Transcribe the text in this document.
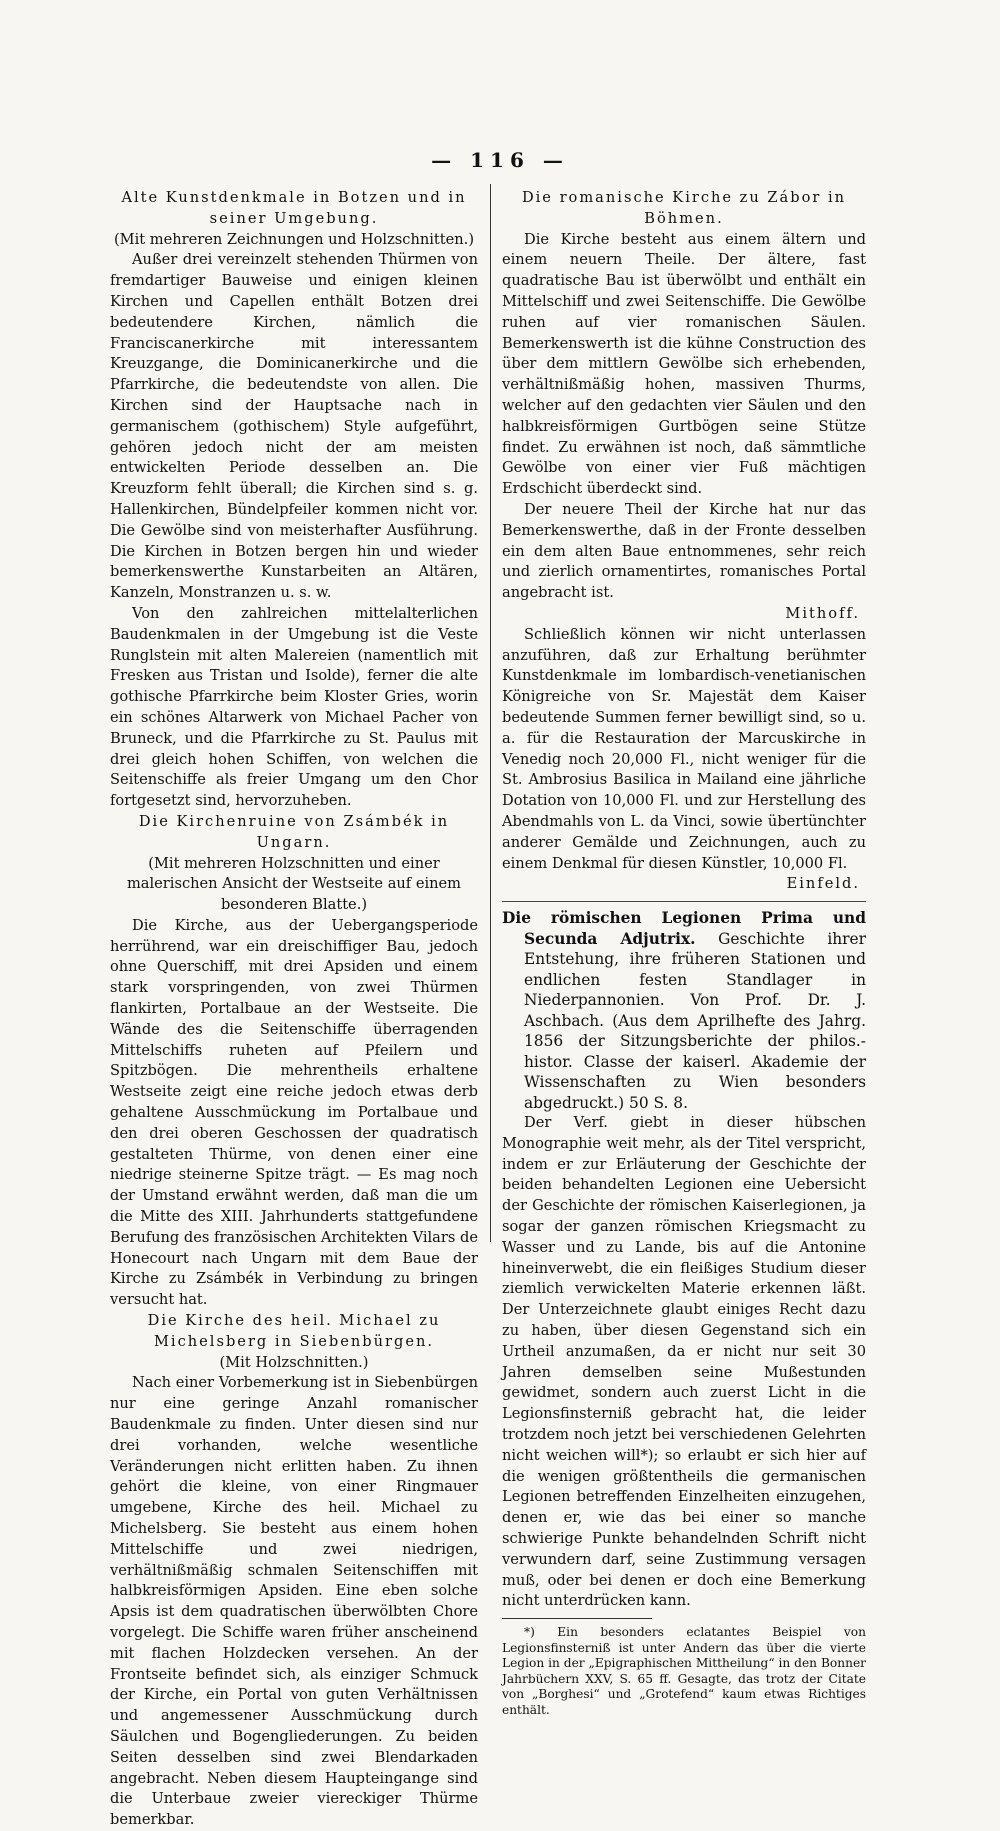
— 116 —

Alte Kunstdenkmale in Botzen und in seiner Umgebung.

(Mit mehreren Zeichnungen und Holzschnitten.)

Außer drei vereinzelt stehenden Thürmen von fremdartiger Bauweise und einigen kleinen Kirchen und Capellen enthält Botzen drei bedeutendere Kirchen, nämlich die Franciscanerkirche mit interessantem Kreuzgange, die Dominicanerkirche und die Pfarrkirche, die bedeutendste von allen. Die Kirchen sind der Hauptsache nach in germanischem (gothischem) Style aufgeführt, gehören jedoch nicht der am meisten entwickelten Periode desselben an. Die Kreuzform fehlt überall; die Kirchen sind s. g. Hallenkirchen, Bündelpfeiler kommen nicht vor. Die Gewölbe sind von meisterhafter Ausführung. Die Kirchen in Botzen bergen hin und wieder bemerkenswerthe Kunstarbeiten an Altären, Kanzeln, Monstranzen u. s. w.

Von den zahlreichen mittelalterlichen Baudenkmalen in der Umgebung ist die Veste Runglstein mit alten Malereien (namentlich mit Fresken aus Tristan und Isolde), ferner die alte gothische Pfarrkirche beim Kloster Gries, worin ein schönes Altarwerk von Michael Pacher von Bruneck, und die Pfarrkirche zu St. Paulus mit drei gleich hohen Schiffen, von welchen die Seitenschiffe als freier Umgang um den Chor fortgesetzt sind, hervorzuheben.

Die Kirchenruine von Zsámbék in Ungarn.

(Mit mehreren Holzschnitten und einer malerischen Ansicht der Westseite auf einem besonderen Blatte.)

Die Kirche, aus der Uebergangsperiode herrührend, war ein dreischiffiger Bau, jedoch ohne Querschiff, mit drei Apsiden und einem stark vorspringenden, von zwei Thürmen flankirten, Portalbaue an der Westseite. Die Wände des die Seitenschiffe überragenden Mittelschiffs ruheten auf Pfeilern und Spitzbögen. Die mehrentheils erhaltene Westseite zeigt eine reiche jedoch etwas derb gehaltene Ausschmückung im Portalbaue und den drei oberen Geschossen der quadratisch gestalteten Thürme, von denen einer eine niedrige steinerne Spitze trägt. — Es mag noch der Umstand erwähnt werden, daß man die um die Mitte des XIII. Jahrhunderts stattgefundene Berufung des französischen Architekten Vilars de Honecourt nach Ungarn mit dem Baue der Kirche zu Zsámbék in Verbindung zu bringen versucht hat.

Die Kirche des heil. Michael zu Michelsberg in Siebenbürgen.

(Mit Holzschnitten.)

Nach einer Vorbemerkung ist in Siebenbürgen nur eine geringe Anzahl romanischer Baudenkmale zu finden. Unter diesen sind nur drei vorhanden, welche wesentliche Veränderungen nicht erlitten haben. Zu ihnen gehört die kleine, von einer Ringmauer umgebene, Kirche des heil. Michael zu Michelsberg. Sie besteht aus einem hohen Mittelschiffe und zwei niedrigen, verhältnißmäßig schmalen Seitenschiffen mit halbkreisförmigen Apsiden. Eine eben solche Apsis ist dem quadratischen überwölbten Chore vorgelegt. Die Schiffe waren früher anscheinend mit flachen Holzdecken versehen. An der Frontseite befindet sich, als einziger Schmuck der Kirche, ein Portal von guten Verhältnissen und angemessener Ausschmückung durch Säulchen und Bogengliederungen. Zu beiden Seiten desselben sind zwei Blendarkaden angebracht. Neben diesem Haupteingange sind die Unterbaue zweier viereckiger Thürme bemerkbar.

Die romanische Kirche zu Zábor in Böhmen.

Die Kirche besteht aus einem ältern und einem neuern Theile. Der ältere, fast quadratische Bau ist überwölbt und enthält ein Mittelschiff und zwei Seitenschiffe. Die Gewölbe ruhen auf vier romanischen Säulen. Bemerkenswerth ist die kühne Construction des über dem mittlern Gewölbe sich erhebenden, verhältnißmäßig hohen, massiven Thurms, welcher auf den gedachten vier Säulen und den halbkreisförmigen Gurtbögen seine Stütze findet. Zu erwähnen ist noch, daß sämmtliche Gewölbe von einer vier Fuß mächtigen Erdschicht überdeckt sind.

Der neuere Theil der Kirche hat nur das Bemerkenswerthe, daß in der Fronte desselben ein dem alten Baue entnommenes, sehr reich und zierlich ornamentirtes, romanisches Portal angebracht ist.

Mithoff.

Schließlich können wir nicht unterlassen anzuführen, daß zur Erhaltung berühmter Kunstdenkmale im lombardisch-venetianischen Königreiche von Sr. Majestät dem Kaiser bedeutende Summen ferner bewilligt sind, so u. a. für die Restauration der Marcuskirche in Venedig noch 20,000 Fl., nicht weniger für die St. Ambrosius Basilica in Mailand eine jährliche Dotation von 10,000 Fl. und zur Herstellung des Abendmahls von L. da Vinci, sowie übertünchter anderer Gemälde und Zeichnungen, auch zu einem Denkmal für diesen Künstler, 10,000 Fl.

Einfeld.

Die römischen Legionen Prima und Secunda Adjutrix. Geschichte ihrer Entstehung, ihre früheren Stationen und endlichen festen Standlager in Niederpannonien. Von Prof. Dr. J. Aschbach. (Aus dem Aprilhefte des Jahrg. 1856 der Sitzungsberichte der philos.-histor. Classe der kaiserl. Akademie der Wissenschaften zu Wien besonders abgedruckt.) 50 S. 8.

Der Verf. giebt in dieser hübschen Monographie weit mehr, als der Titel verspricht, indem er zur Erläuterung der Geschichte der beiden behandelten Legionen eine Uebersicht der Geschichte der römischen Kaiserlegionen, ja sogar der ganzen römischen Kriegsmacht zu Wasser und zu Lande, bis auf die Antonine hineinverwebt, die ein fleißiges Studium dieser ziemlich verwickelten Materie erkennen läßt. Der Unterzeichnete glaubt einiges Recht dazu zu haben, über diesen Gegenstand sich ein Urtheil anzumaßen, da er nicht nur seit 30 Jahren demselben seine Mußestunden gewidmet, sondern auch zuerst Licht in die Legionsfinsterniß gebracht hat, die leider trotzdem noch jetzt bei verschiedenen Gelehrten nicht weichen will*); so erlaubt er sich hier auf die wenigen größtentheils die germanischen Legionen betreffenden Einzelheiten einzugehen, denen er, wie das bei einer so manche schwierige Punkte behandelnden Schrift nicht verwundern darf, seine Zustimmung versagen muß, oder bei denen er doch eine Bemerkung nicht unterdrücken kann.

*) Ein besonders eclatantes Beispiel von Legionsfinsterniß ist unter Andern das über die vierte Legion in der „Epigraphischen Mittheilung“ in den Bonner Jahrbüchern XXV, S. 65 ff. Gesagte, das trotz der Citate von „Borghesi“ und „Grotefend“ kaum etwas Richtiges enthält.
